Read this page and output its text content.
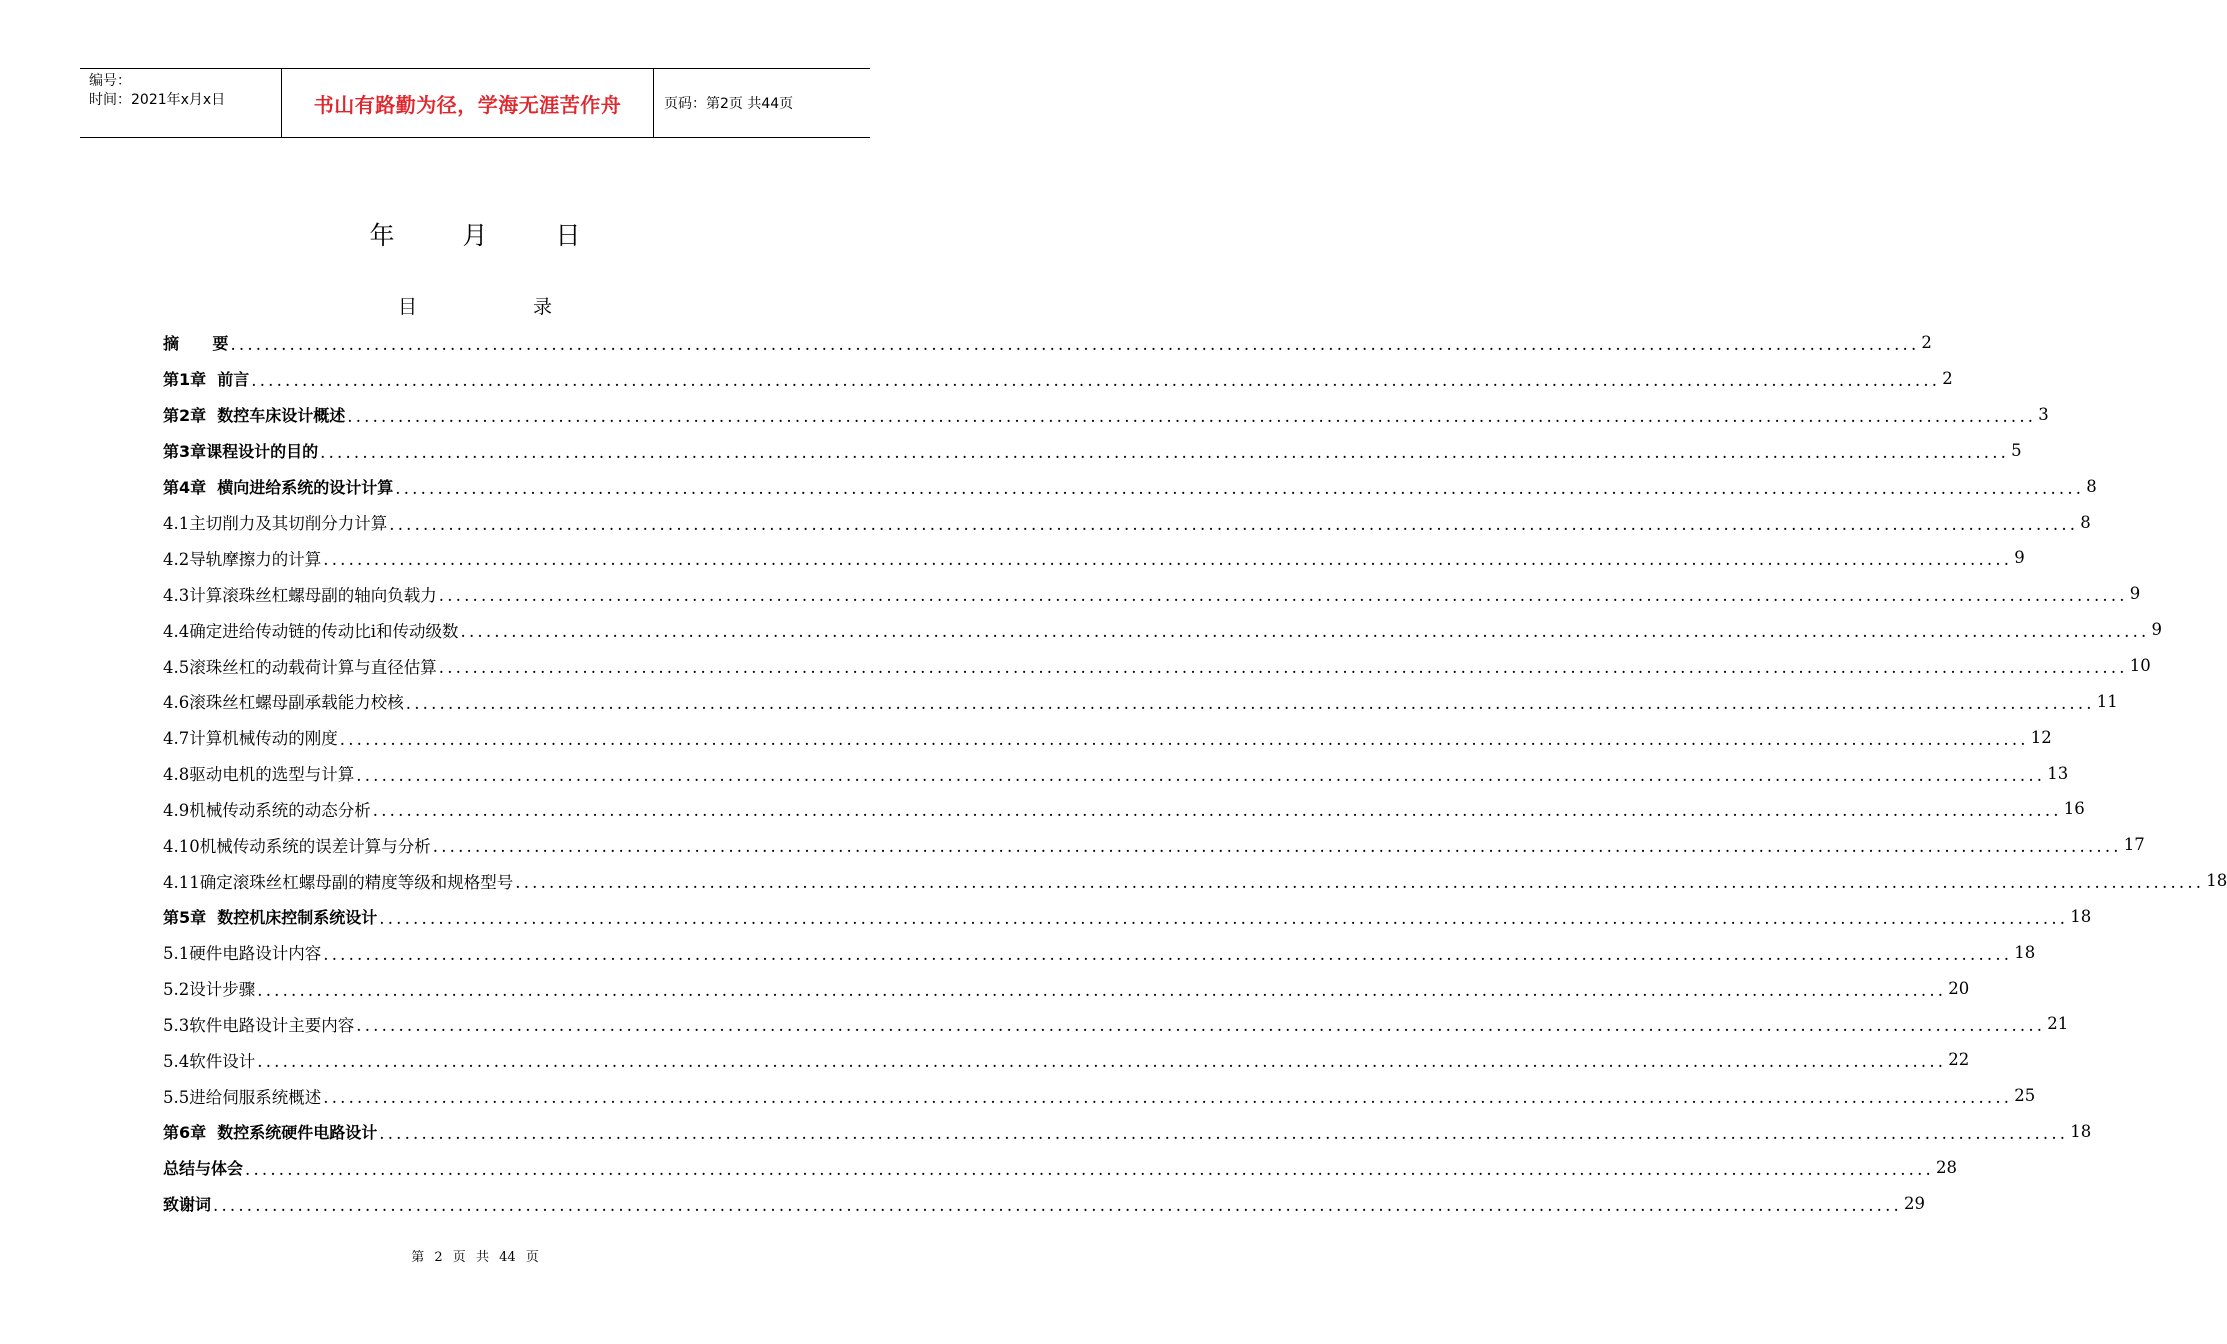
编号：
时间：2021年x月x日	书山有路勤为径，学海无涯苦作舟	页码：第2页 共44页
年	月	日
目	录
摘      要 ........................................................................................................................................................................................................ 2
第1章  前言 ........................................................................................................................................................................................................ 2
第2章  数控车床设计概述 ........................................................................................................................................................................................................ 3
第3章课程设计的目的 ........................................................................................................................................................................................................ 5
第4章  横向进给系统的设计计算 ........................................................................................................................................................................................................ 8
4.1主切削力及其切削分力计算 ........................................................................................................................................................................................................ 8
4.2导轨摩擦力的计算 ........................................................................................................................................................................................................ 9
4.3计算滚珠丝杠螺母副的轴向负载力 ........................................................................................................................................................................................................ 9
4.4确定进给传动链的传动比i和传动级数 ........................................................................................................................................................................................................ 9
4.5滚珠丝杠的动载荷计算与直径估算 ........................................................................................................................................................................................................ 10
4.6滚珠丝杠螺母副承载能力校核 ........................................................................................................................................................................................................ 11
4.7计算机械传动的刚度 ........................................................................................................................................................................................................ 12
4.8驱动电机的选型与计算 ........................................................................................................................................................................................................ 13
4.9机械传动系统的动态分析 ........................................................................................................................................................................................................ 16
4.10机械传动系统的误差计算与分析 ........................................................................................................................................................................................................ 17
4.11确定滚珠丝杠螺母副的精度等级和规格型号 ........................................................................................................................................................................................................ 18
第5章  数控机床控制系统设计 ........................................................................................................................................................................................................ 18
5.1硬件电路设计内容 ........................................................................................................................................................................................................ 18
5.2设计步骤 ........................................................................................................................................................................................................ 20
5.3软件电路设计主要内容 ........................................................................................................................................................................................................ 21
5.4软件设计 ........................................................................................................................................................................................................ 22
5.5进给伺服系统概述 ........................................................................................................................................................................................................ 25
第6章  数控系统硬件电路设计 ........................................................................................................................................................................................................ 18
总结与体会 ........................................................................................................................................................................................................ 28
致谢词 ........................................................................................................................................................................................................ 29
第 2 页 共 44 页
